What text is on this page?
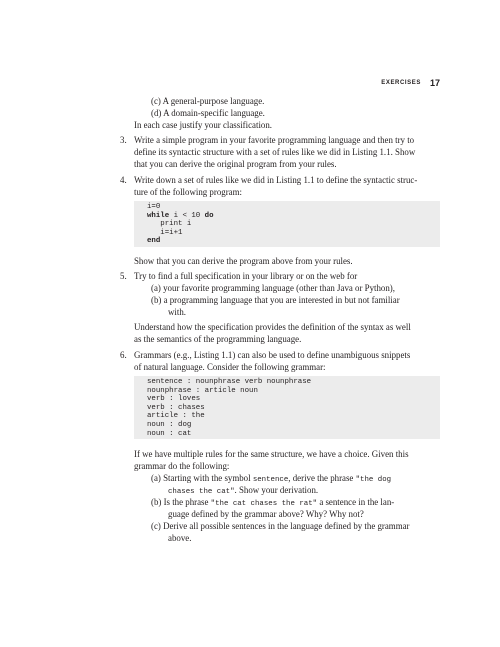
EXERCISES 17
(c) A general-purpose language.
(d) A domain-specific language.
In each case justify your classification.
3. Write a simple program in your favorite programming language and then try to
define its syntactic structure with a set of rules like we did in Listing 1.1. Show
that you can derive the original program from your rules.
4. Write down a set of rules like we did in Listing 1.1 to define the syntactic struc-
ture of the following program:
i=0
while i < 10 do
print i
i=i+1
end
Show that you can derive the program above from your rules.
5. Try to find a full specification in your library or on the web for
(a) your favorite programming language (other than Java or Python),
(b) a programming language that you are interested in but not familiar
with.
Understand how the specification provides the definition of the syntax as well
as the semantics of the programming language.
6. Grammars (e.g., Listing 1.1) can also be used to define unambiguous snippets
of natural language. Consider the following grammar:
sentence : nounphrase verb nounphrase
nounphrase : article noun
verb : loves
verb : chases
article : the
noun : dog
noun : cat
If we have multiple rules for the same structure, we have a choice. Given this
grammar do the following:
(a) Starting with the symbol sentence, derive the phrase "the dog
chases the cat". Show your derivation.
(b) Is the phrase "the cat chases the rat" a sentence in the lan-
guage defined by the grammar above? Why? Why not?
(c) Derive all possible sentences in the language defined by the grammar
above.
